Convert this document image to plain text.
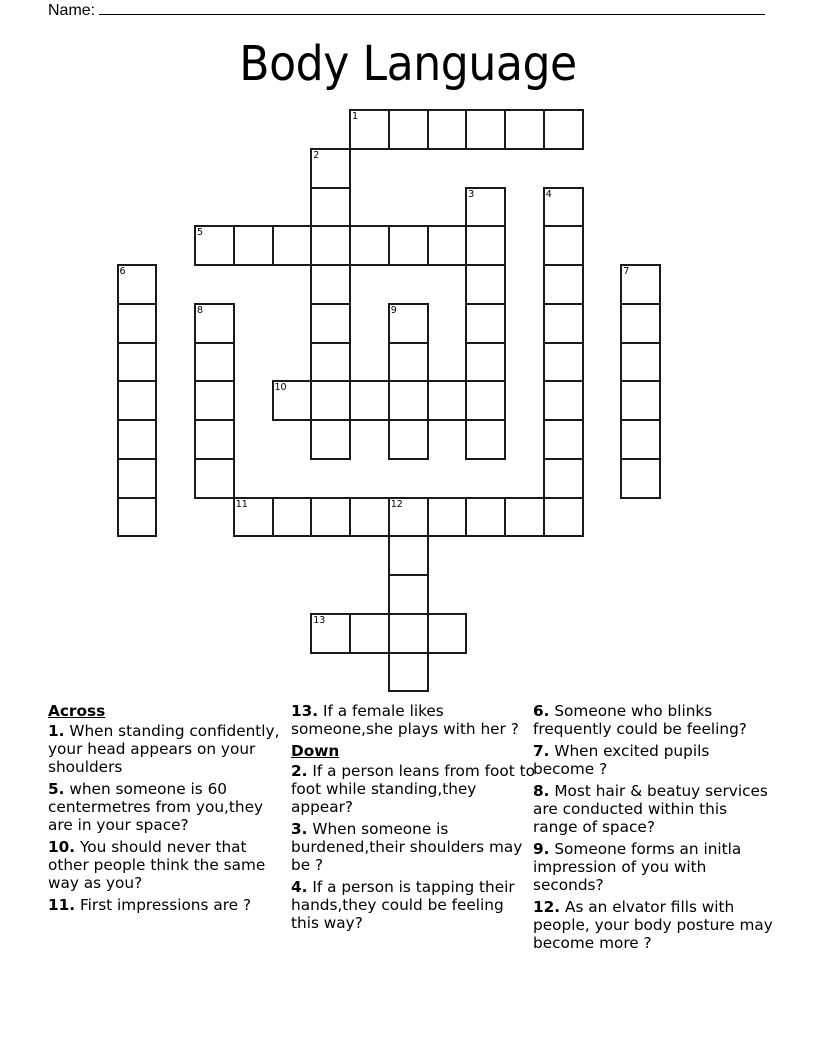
Name:
Body Language
1
2
3	4
5
6	7
8	9
10
11	12
13
Across
1. When standing confidently, your head appears on your shoulders
5. when someone is 60 centermetres from you,they are in your space?
10. You should never that other people think the same way as you?
11. First impressions are ?
13. If a female likes someone,she plays with her ?
Down
2. If a person leans from foot to foot while standing,they appear?
3. When someone is burdened,their shoulders may be ?
4. If a person is tapping their hands,they could be feeling this way?
6. Someone who blinks frequently could be feeling?
7. When excited pupils become ?
8. Most hair & beatuy services are conducted within this range of space?
9. Someone forms an initla impression of you with seconds?
12. As an elvator fills with people, your body posture may become more ?
